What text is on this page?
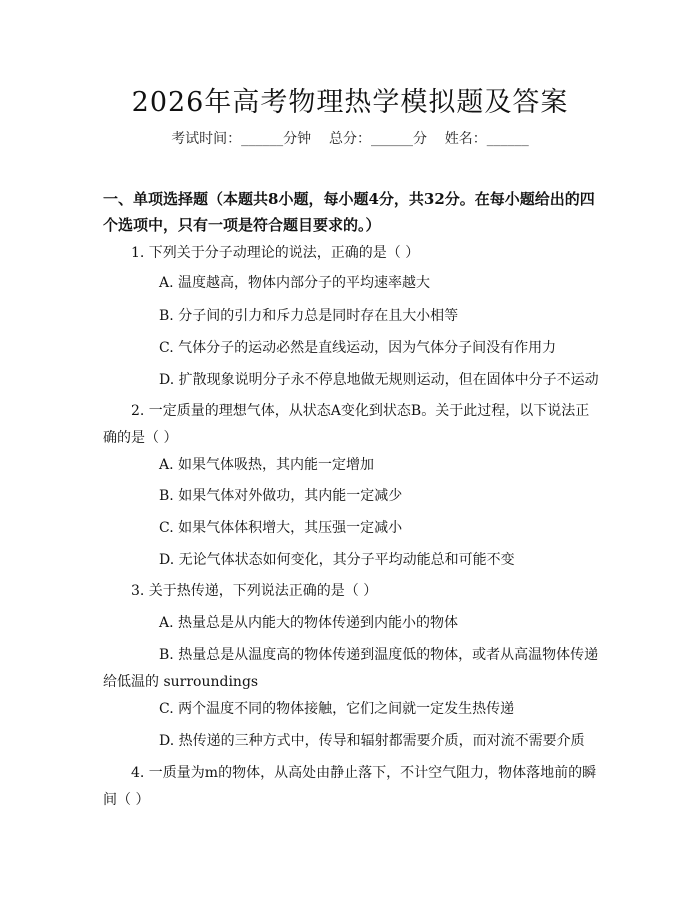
2026年高考物理热学模拟题及答案
考试时间：______分钟    总分：______分    姓名：______
一、单项选择题（本题共8小题，每小题4分，共32分。在每小题给出的四个选项中，只有一项是符合题目要求的。）
1. 下列关于分子动理论的说法，正确的是（ ）
A. 温度越高，物体内部分子的平均速率越大
B. 分子间的引力和斥力总是同时存在且大小相等
C. 气体分子的运动必然是直线运动，因为气体分子间没有作用力
D. 扩散现象说明分子永不停息地做无规则运动，但在固体中分子不运动
2. 一定质量的理想气体，从状态A变化到状态B。关于此过程，以下说法正确的是（ ）
A. 如果气体吸热，其内能一定增加
B. 如果气体对外做功，其内能一定减少
C. 如果气体体积增大，其压强一定减小
D. 无论气体状态如何变化，其分子平均动能总和可能不变
3. 关于热传递，下列说法正确的是（ ）
A. 热量总是从内能大的物体传递到内能小的物体
B. 热量总是从温度高的物体传递到温度低的物体，或者从高温物体传递给低温的 surroundings
C. 两个温度不同的物体接触，它们之间就一定发生热传递
D. 热传递的三种方式中，传导和辐射都需要介质，而对流不需要介质
4. 一质量为m的物体，从高处由静止落下，不计空气阻力，物体落地前的瞬间（ ）
